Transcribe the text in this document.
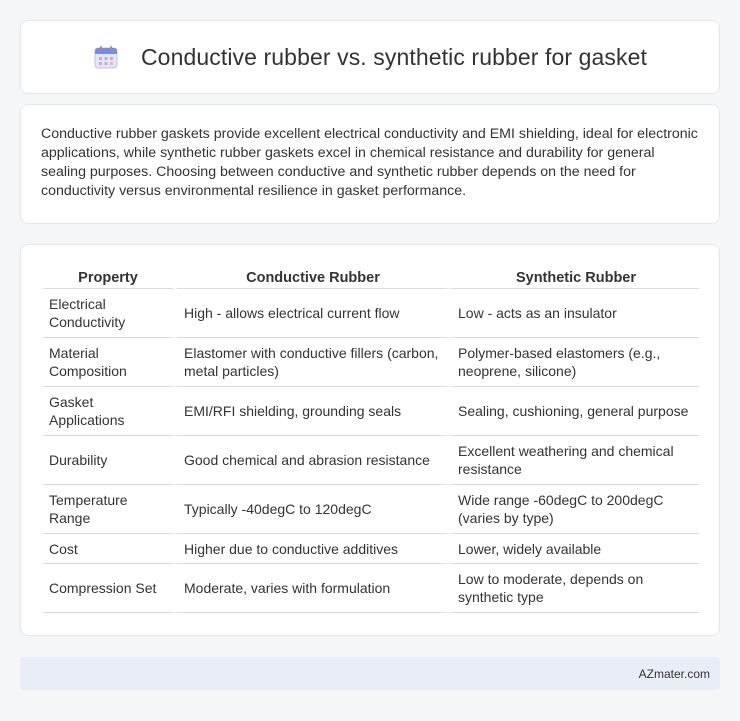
Conductive rubber vs. synthetic rubber for gasket

Conductive rubber gaskets provide excellent electrical conductivity and EMI shielding, ideal for electronic applications, while synthetic rubber gaskets excel in chemical resistance and durability for general sealing purposes. Choosing between conductive and synthetic rubber depends on the need for conductivity versus environmental resilience in gasket performance.

Property	Conductive Rubber	Synthetic Rubber
Electrical Conductivity	High - allows electrical current flow	Low - acts as an insulator
Material Composition	Elastomer with conductive fillers (carbon, metal particles)	Polymer-based elastomers (e.g., neoprene, silicone)
Gasket Applications	EMI/RFI shielding, grounding seals	Sealing, cushioning, general purpose
Durability	Good chemical and abrasion resistance	Excellent weathering and chemical resistance
Temperature Range	Typically -40degC to 120degC	Wide range -60degC to 200degC (varies by type)
Cost	Higher due to conductive additives	Lower, widely available
Compression Set	Moderate, varies with formulation	Low to moderate, depends on synthetic type
AZmater.com
